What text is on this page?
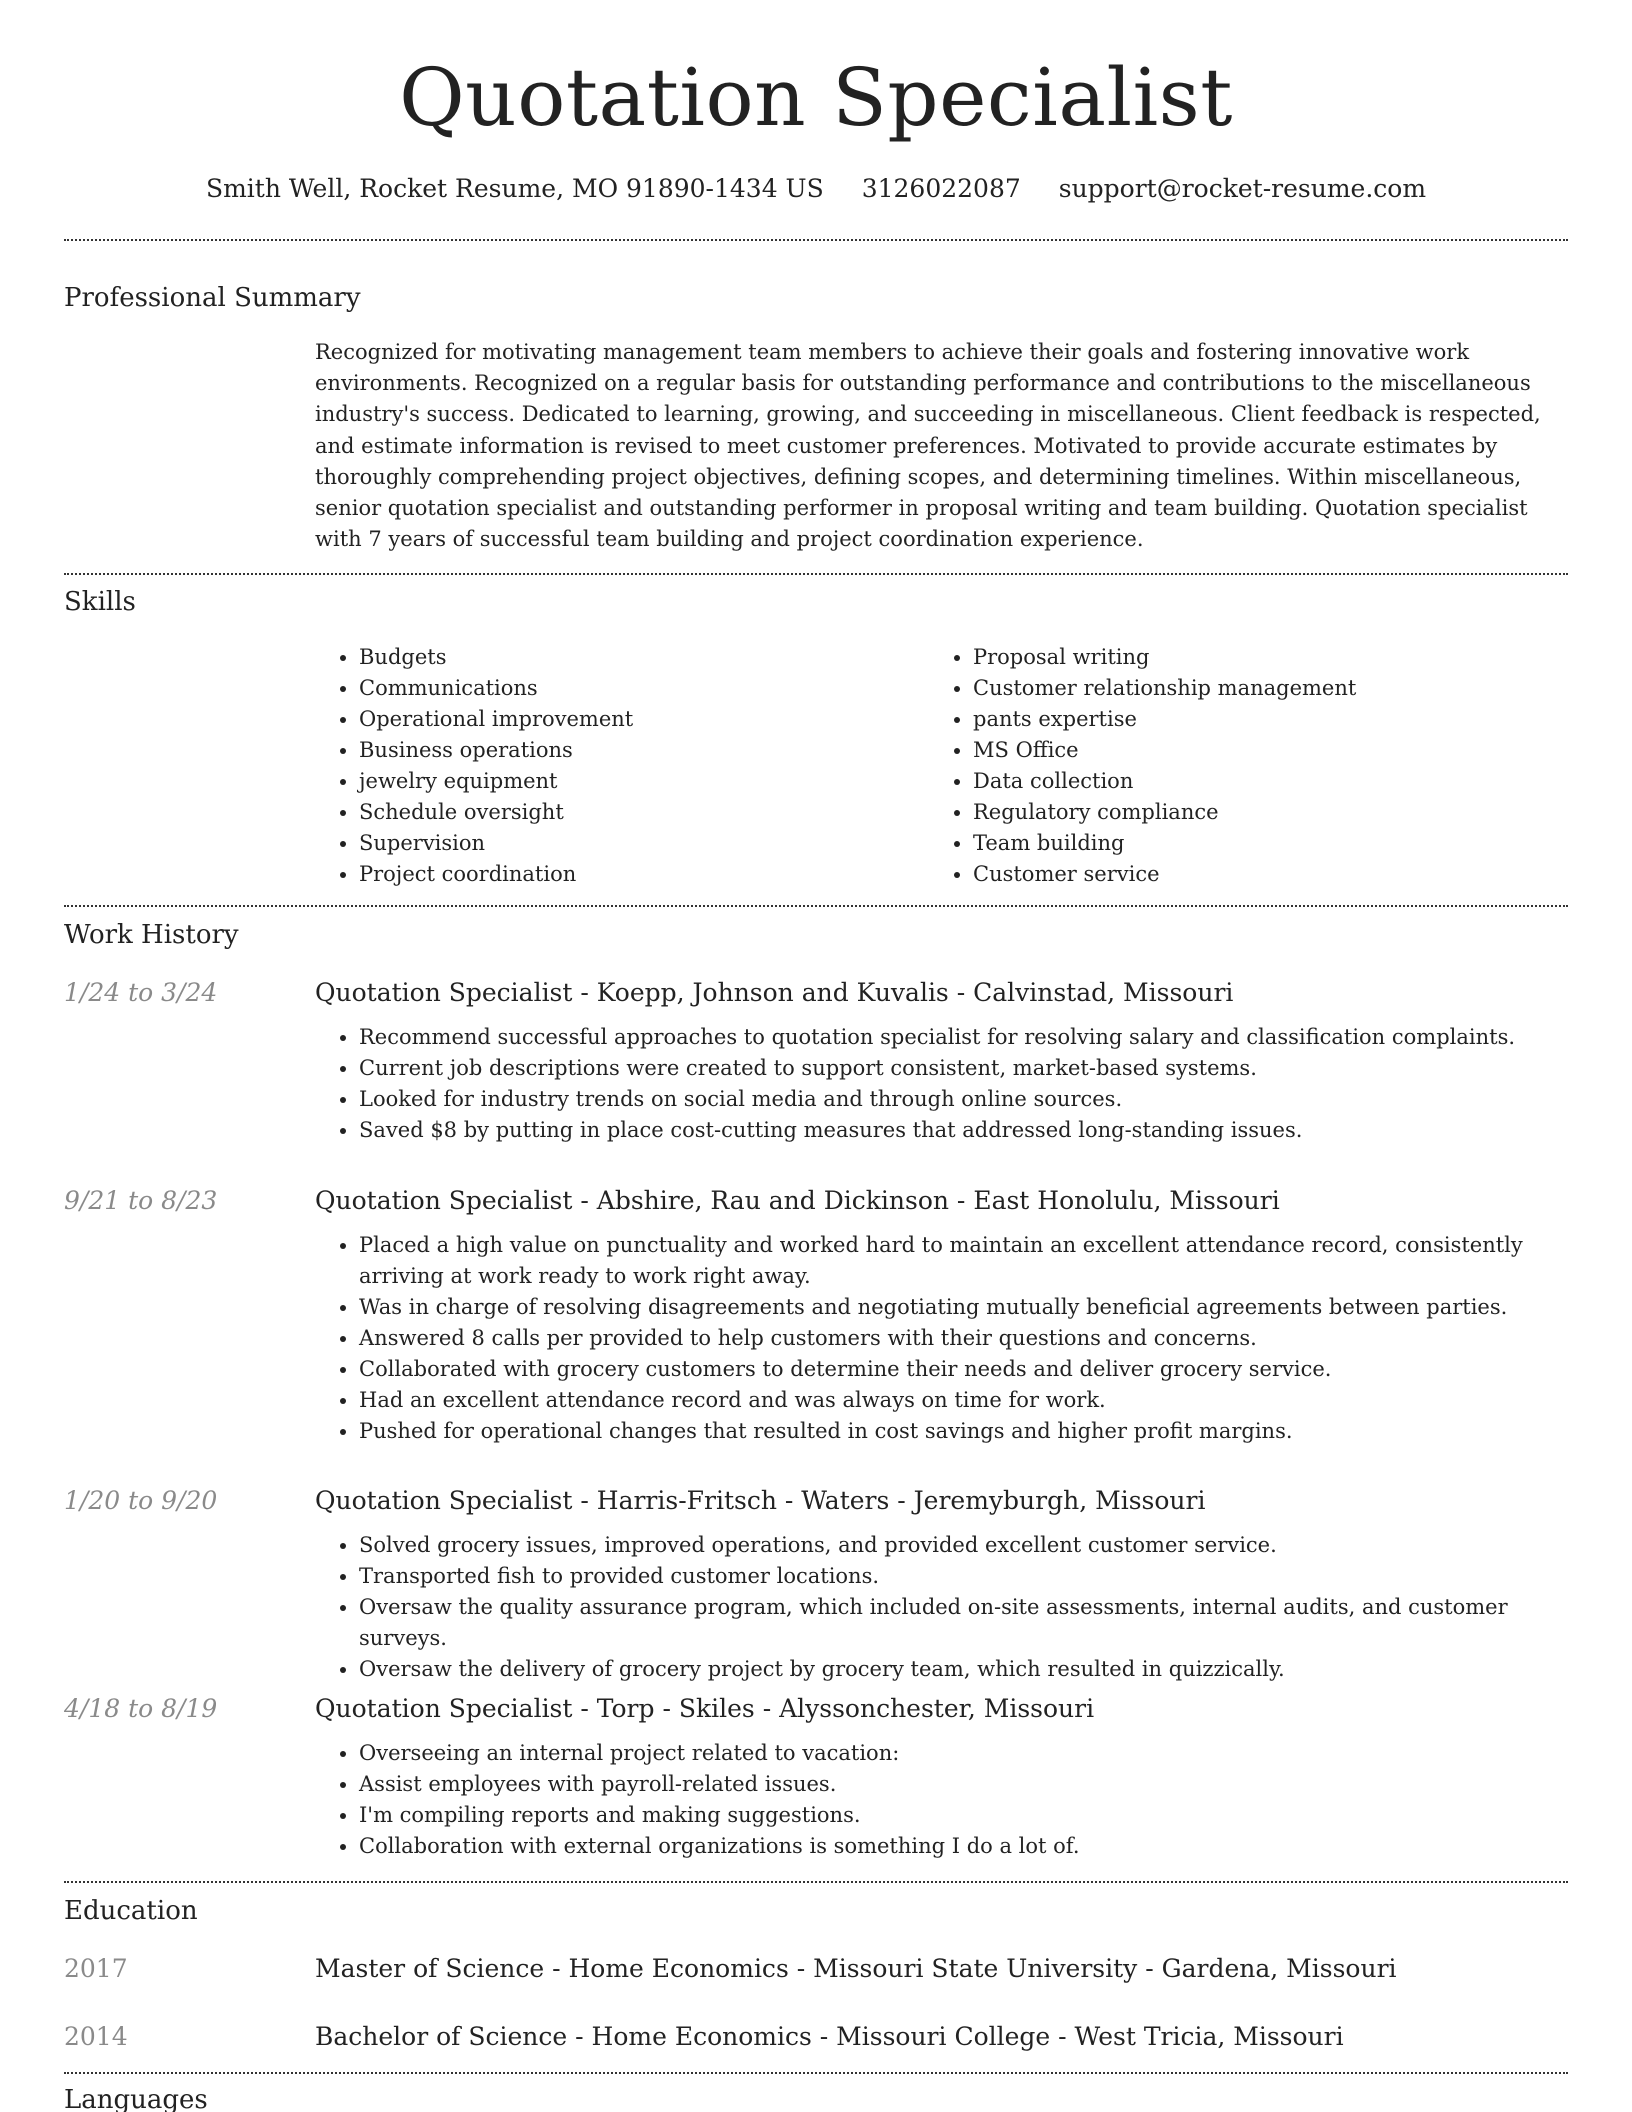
Quotation Specialist
Smith Well, Rocket Resume, MO 91890-1434 US 3126022087 support@rocket-resume.com
Professional Summary
Recognized for motivating management team members to achieve their goals and fostering innovative work environments. Recognized on a regular basis for outstanding performance and contributions to the miscellaneous industry's success. Dedicated to learning, growing, and succeeding in miscellaneous. Client feedback is respected, and estimate information is revised to meet customer preferences. Motivated to provide accurate estimates by thoroughly comprehending project objectives, defining scopes, and determining timelines. Within miscellaneous, senior quotation specialist and outstanding performer in proposal writing and team building. Quotation specialist with 7 years of successful team building and project coordination experience.
Skills
• Budgets
• Communications
• Operational improvement
• Business operations
• jewelry equipment
• Schedule oversight
• Supervision
• Project coordination
• Proposal writing
• Customer relationship management
• pants expertise
• MS Office
• Data collection
• Regulatory compliance
• Team building
• Customer service
Work History
1/24 to 3/24	Quotation Specialist - Koepp, Johnson and Kuvalis - Calvinstad, Missouri
• Recommend successful approaches to quotation specialist for resolving salary and classification complaints.
• Current job descriptions were created to support consistent, market-based systems.
• Looked for industry trends on social media and through online sources.
• Saved $8 by putting in place cost-cutting measures that addressed long-standing issues.
9/21 to 8/23	Quotation Specialist - Abshire, Rau and Dickinson - East Honolulu, Missouri
• Placed a high value on punctuality and worked hard to maintain an excellent attendance record, consistently arriving at work ready to work right away.
• Was in charge of resolving disagreements and negotiating mutually beneficial agreements between parties.
• Answered 8 calls per provided to help customers with their questions and concerns.
• Collaborated with grocery customers to determine their needs and deliver grocery service.
• Had an excellent attendance record and was always on time for work.
• Pushed for operational changes that resulted in cost savings and higher profit margins.
1/20 to 9/20	Quotation Specialist - Harris-Fritsch - Waters - Jeremyburgh, Missouri
• Solved grocery issues, improved operations, and provided excellent customer service.
• Transported fish to provided customer locations.
• Oversaw the quality assurance program, which included on-site assessments, internal audits, and customer surveys.
• Oversaw the delivery of grocery project by grocery team, which resulted in quizzically.
4/18 to 8/19	Quotation Specialist - Torp - Skiles - Alyssonchester, Missouri
• Overseeing an internal project related to vacation:
• Assist employees with payroll-related issues.
• I'm compiling reports and making suggestions.
• Collaboration with external organizations is something I do a lot of.
Education
2017	Master of Science - Home Economics - Missouri State University - Gardena, Missouri
2014	Bachelor of Science - Home Economics - Missouri College - West Tricia, Missouri
Languages
